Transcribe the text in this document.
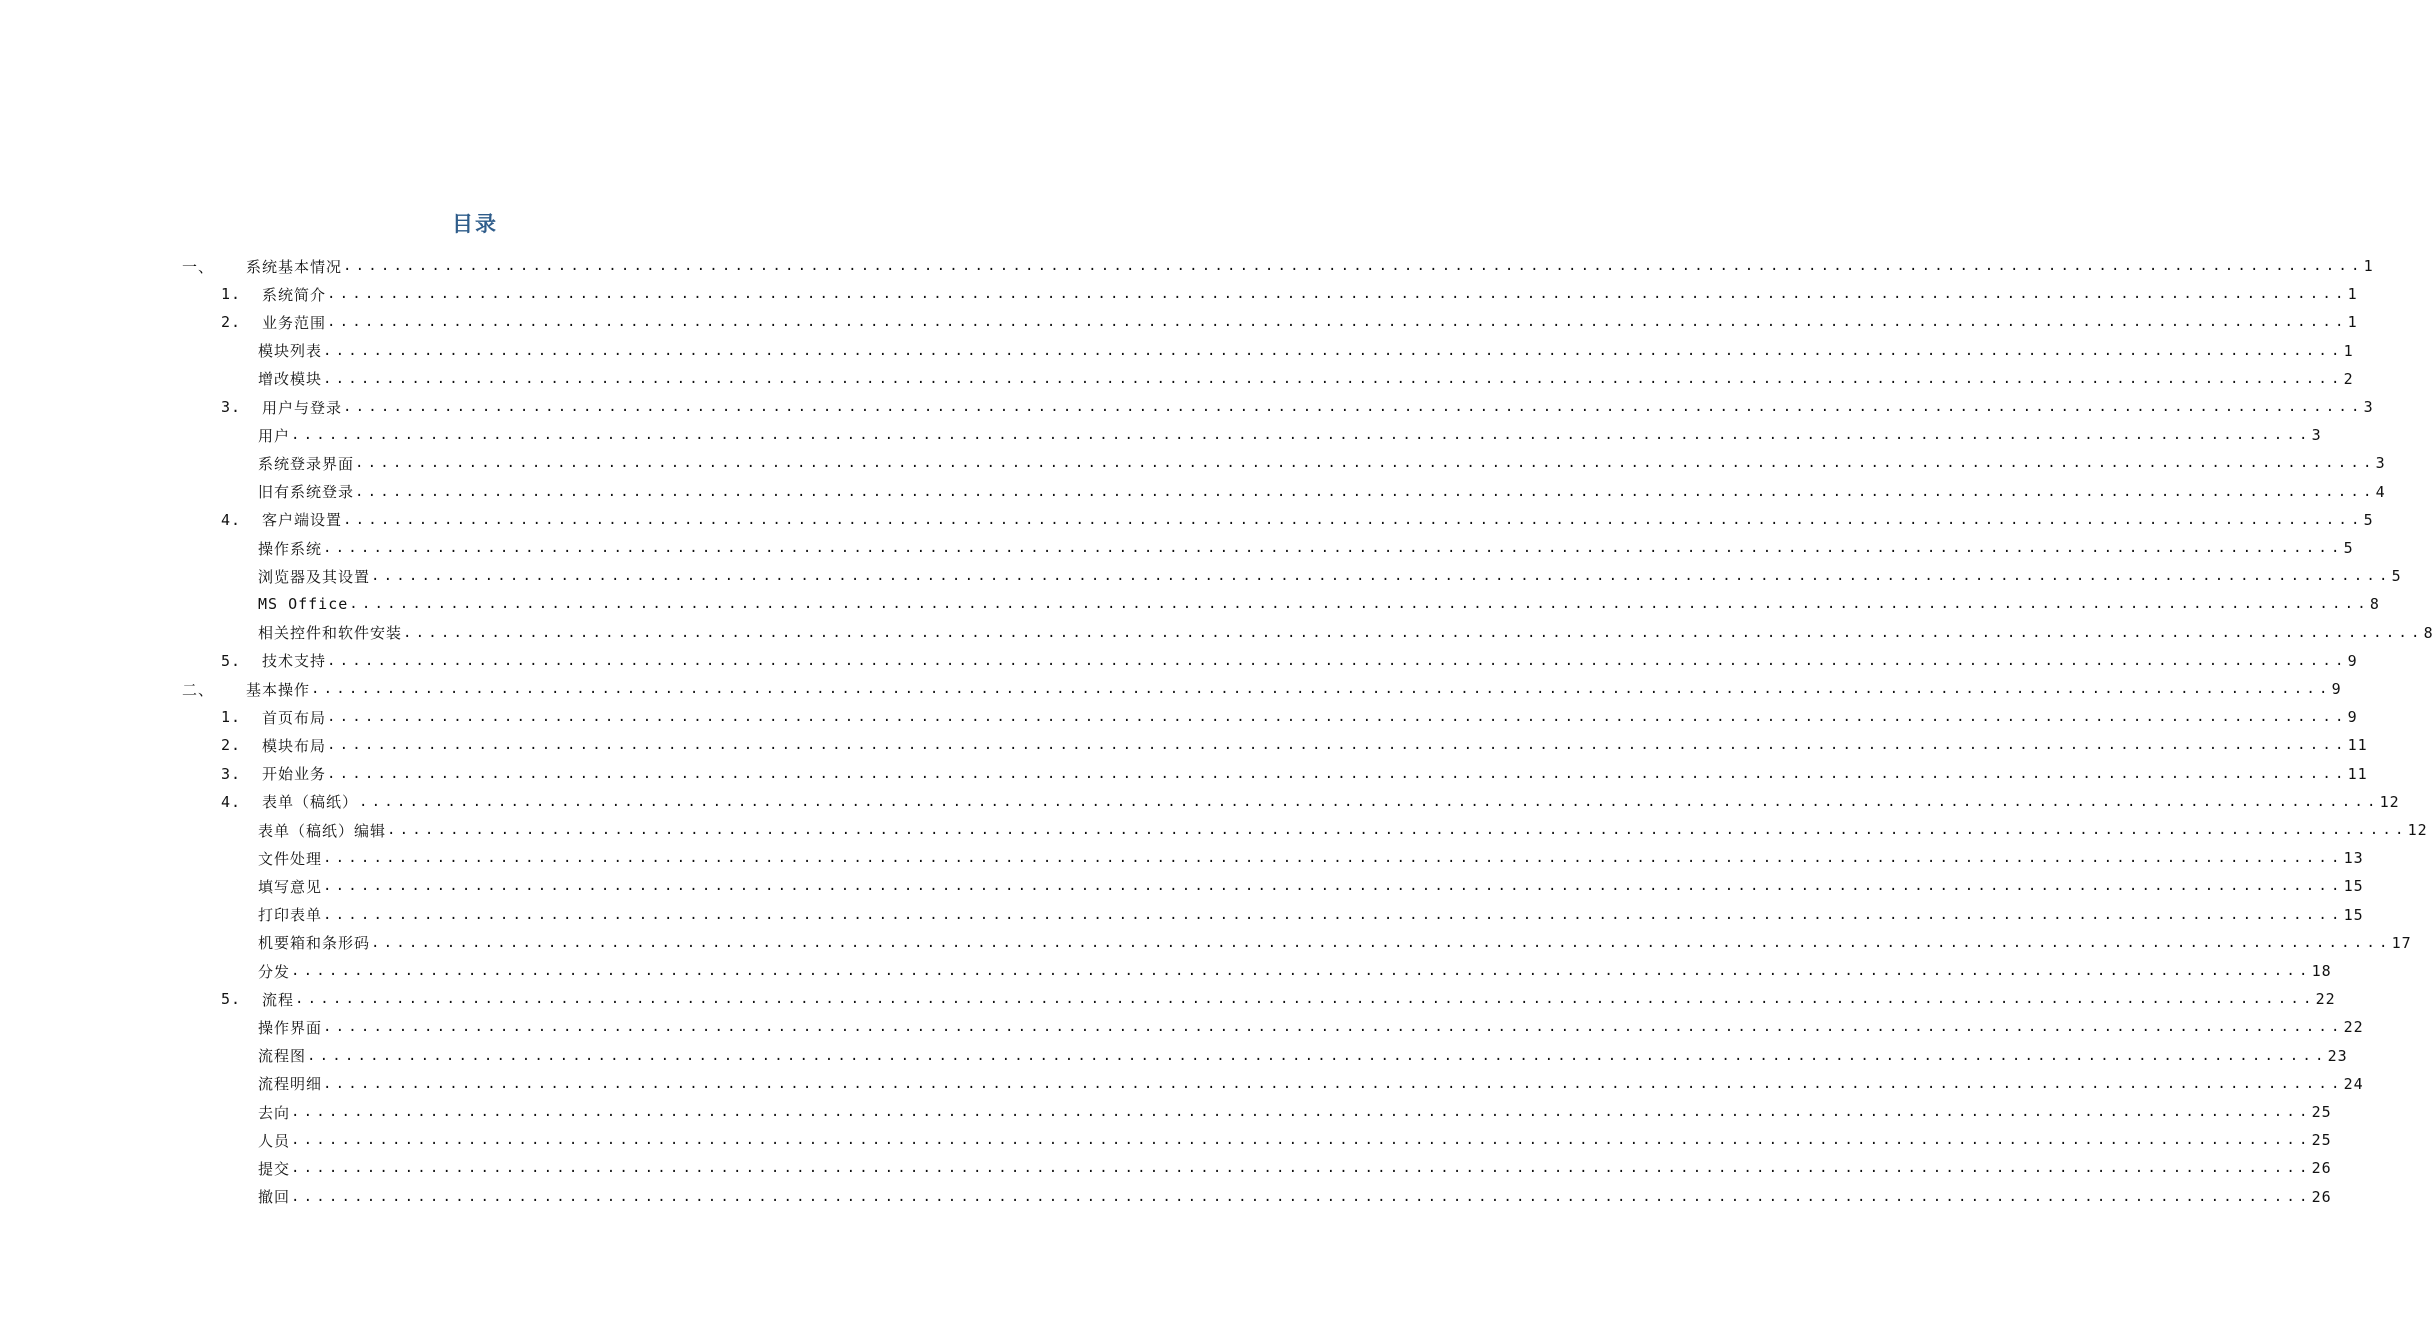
目录
一、 系统基本情况 ................................................................................................................................................................ 1
1. 系统简介 ................................................................................................................................................................ 1
2. 业务范围 ................................................................................................................................................................ 1
模块列表 ................................................................................................................................................................ 1
增改模块 ................................................................................................................................................................ 2
3. 用户与登录 ................................................................................................................................................................ 3
用户 ................................................................................................................................................................ 3
系统登录界面 ................................................................................................................................................................ 3
旧有系统登录 ................................................................................................................................................................ 4
4. 客户端设置 ................................................................................................................................................................ 5
操作系统 ................................................................................................................................................................ 5
浏览器及其设置 ................................................................................................................................................................ 5
MS Office ................................................................................................................................................................ 8
相关控件和软件安装 ................................................................................................................................................................ 8
5. 技术支持 ................................................................................................................................................................ 9
二、 基本操作 ................................................................................................................................................................ 9
1. 首页布局 ................................................................................................................................................................ 9
2. 模块布局 ................................................................................................................................................................ 11
3. 开始业务 ................................................................................................................................................................ 11
4. 表单（稿纸） ................................................................................................................................................................ 12
表单（稿纸）编辑 ................................................................................................................................................................ 12
文件处理 ................................................................................................................................................................ 13
填写意见 ................................................................................................................................................................ 15
打印表单 ................................................................................................................................................................ 15
机要箱和条形码 ................................................................................................................................................................ 17
分发 ................................................................................................................................................................ 18
5. 流程 ................................................................................................................................................................ 22
操作界面 ................................................................................................................................................................ 22
流程图 ................................................................................................................................................................ 23
流程明细 ................................................................................................................................................................ 24
去向 ................................................................................................................................................................ 25
人员 ................................................................................................................................................................ 25
提交 ................................................................................................................................................................ 26
撤回 ................................................................................................................................................................ 26
